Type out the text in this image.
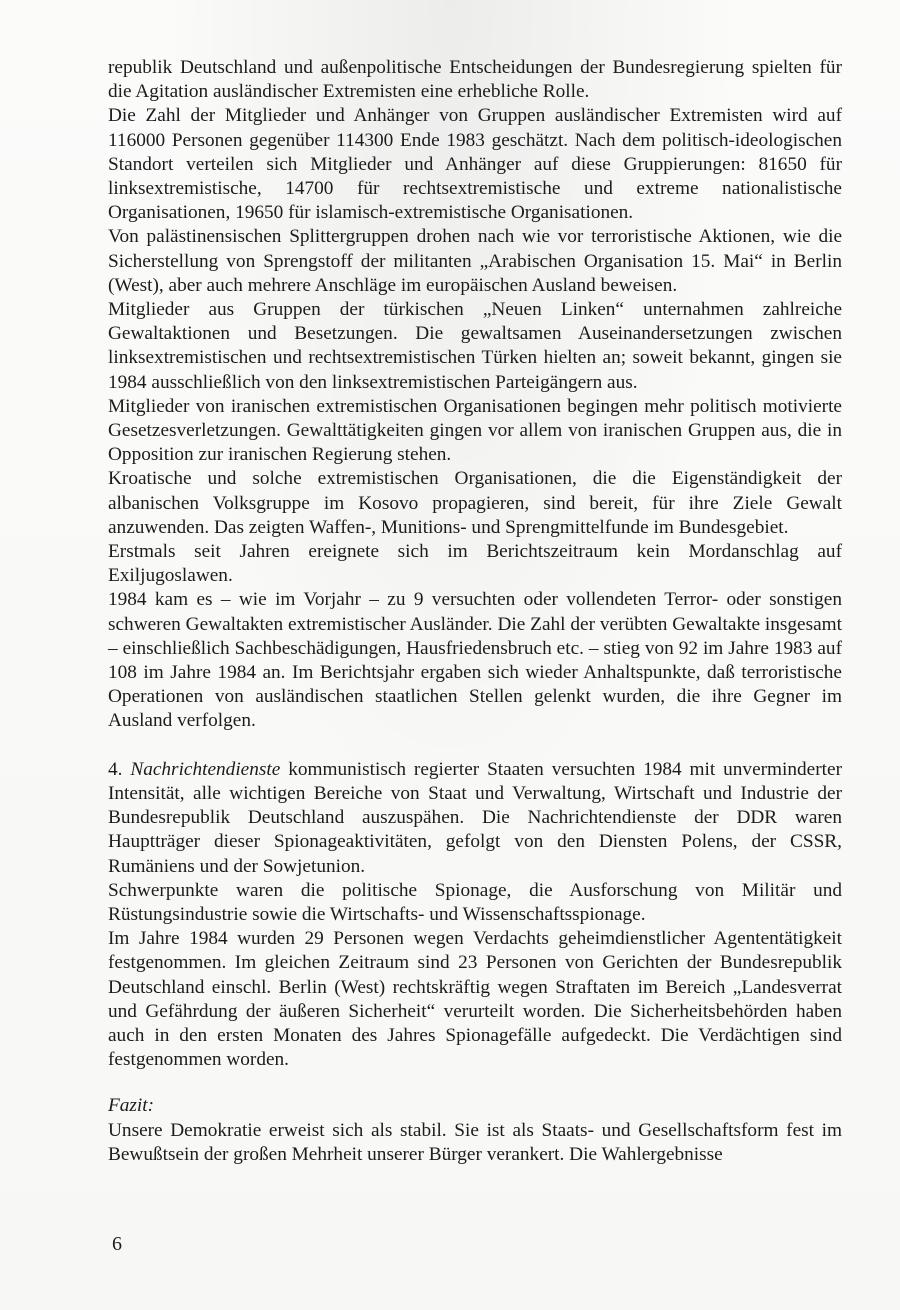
republik Deutschland und außenpolitische Entscheidungen der Bundesregierung spielten für die Agitation ausländischer Extremisten eine erhebliche Rolle.

Die Zahl der Mitglieder und Anhänger von Gruppen ausländischer Extremisten wird auf 116000 Personen gegenüber 114300 Ende 1983 geschätzt. Nach dem politisch-ideologischen Standort verteilen sich Mitglieder und Anhänger auf diese Gruppierungen: 81650 für linksextremistische, 14700 für rechtsextremistische und extreme nationalistische Organisationen, 19650 für islamisch-extremistische Organisationen.

Von palästinensischen Splittergruppen drohen nach wie vor terroristische Aktionen, wie die Sicherstellung von Sprengstoff der militanten „Arabischen Organisation 15. Mai“ in Berlin (West), aber auch mehrere Anschläge im europäischen Ausland beweisen.

Mitglieder aus Gruppen der türkischen „Neuen Linken“ unternahmen zahlreiche Gewaltaktionen und Besetzungen. Die gewaltsamen Auseinandersetzungen zwischen linksextremistischen und rechtsextremistischen Türken hielten an; soweit bekannt, gingen sie 1984 ausschließlich von den linksextremistischen Parteigängern aus.

Mitglieder von iranischen extremistischen Organisationen begingen mehr politisch motivierte Gesetzesverletzungen. Gewalttätigkeiten gingen vor allem von iranischen Gruppen aus, die in Opposition zur iranischen Regierung stehen.

Kroatische und solche extremistischen Organisationen, die die Eigenständigkeit der albanischen Volksgruppe im Kosovo propagieren, sind bereit, für ihre Ziele Gewalt anzuwenden. Das zeigten Waffen-, Munitions- und Sprengmittelfunde im Bundesgebiet.

Erstmals seit Jahren ereignete sich im Berichtszeitraum kein Mordanschlag auf Exiljugoslawen.

1984 kam es – wie im Vorjahr – zu 9 versuchten oder vollendeten Terror- oder sonstigen schweren Gewaltakten extremistischer Ausländer. Die Zahl der verübten Gewaltakte insgesamt – einschließlich Sachbeschädigungen, Hausfriedensbruch etc. – stieg von 92 im Jahre 1983 auf 108 im Jahre 1984 an. Im Berichtsjahr ergaben sich wieder Anhaltspunkte, daß terroristische Operationen von ausländischen staatlichen Stellen gelenkt wurden, die ihre Gegner im Ausland verfolgen.

4. Nachrichtendienste kommunistisch regierter Staaten versuchten 1984 mit unverminderter Intensität, alle wichtigen Bereiche von Staat und Verwaltung, Wirtschaft und Industrie der Bundesrepublik Deutschland auszuspähen. Die Nachrichtendienste der DDR waren Hauptträger dieser Spionageaktivitäten, gefolgt von den Diensten Polens, der CSSR, Rumäniens und der Sowjetunion.

Schwerpunkte waren die politische Spionage, die Ausforschung von Militär und Rüstungsindustrie sowie die Wirtschafts- und Wissenschaftsspionage.

Im Jahre 1984 wurden 29 Personen wegen Verdachts geheimdienstlicher Agententätigkeit festgenommen. Im gleichen Zeitraum sind 23 Personen von Gerichten der Bundesrepublik Deutschland einschl. Berlin (West) rechtskräftig wegen Straftaten im Bereich „Landesverrat und Gefährdung der äußeren Sicherheit“ verurteilt worden. Die Sicherheitsbehörden haben auch in den ersten Monaten des Jahres Spionagefälle aufgedeckt. Die Verdächtigen sind festgenommen worden.

Fazit:

Unsere Demokratie erweist sich als stabil. Sie ist als Staats- und Gesellschaftsform fest im Bewußtsein der großen Mehrheit unserer Bürger verankert. Die Wahlergebnisse

6
